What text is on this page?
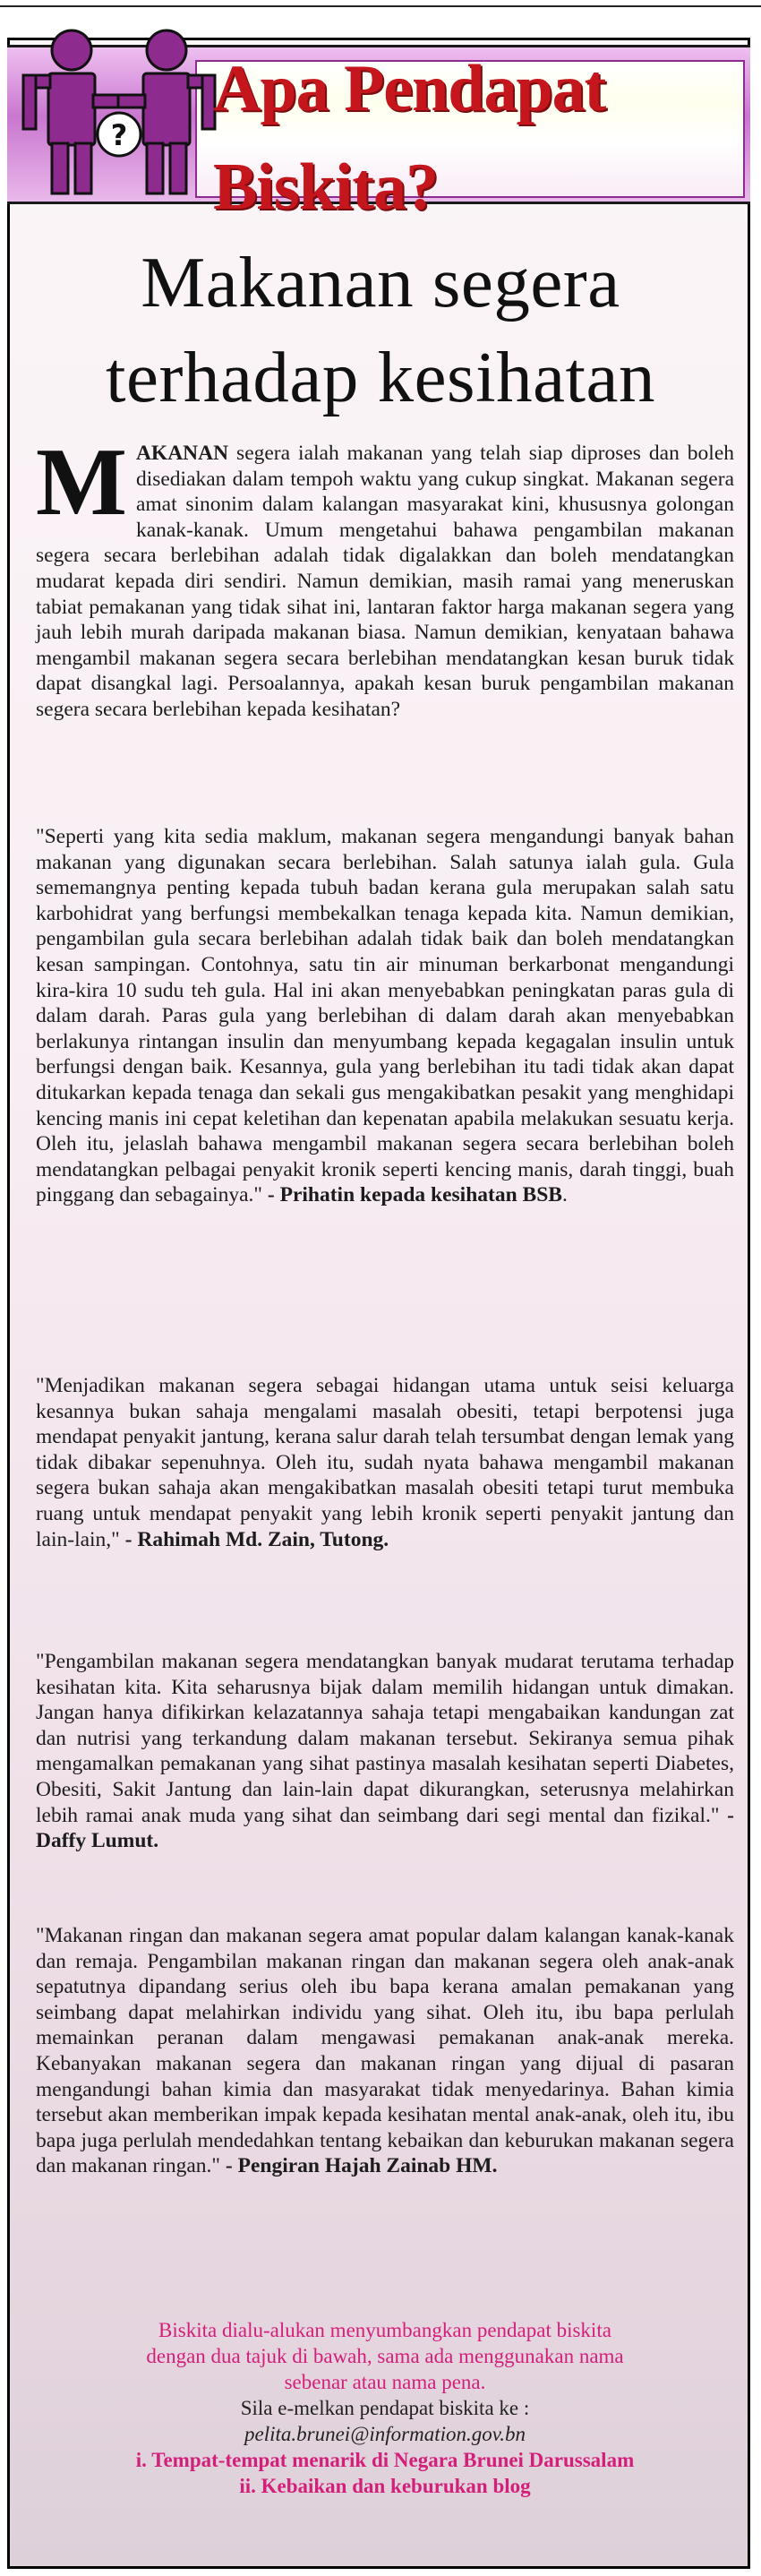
?
Apa Pendapat Biskita?
Makanan segera
terhadap kesihatan
MAKANAN segera ialah makanan yang telah siap diproses dan boleh disediakan dalam tempoh waktu yang cukup singkat. Makanan segera amat sinonim dalam kalangan masyarakat kini, khususnya golongan kanak-kanak. Umum mengetahui bahawa pengambilan makanan segera secara berlebihan adalah tidak digalakkan dan boleh mendatangkan mudarat kepada diri sendiri. Namun demikian, masih ramai yang meneruskan tabiat pemakanan yang tidak sihat ini, lantaran faktor harga makanan segera yang jauh lebih murah daripada makanan biasa. Namun demikian, kenyataan bahawa mengambil makanan segera secara berlebihan mendatangkan kesan buruk tidak dapat disangkal lagi. Persoalannya, apakah kesan buruk pengambilan makanan segera secara berlebihan kepada kesihatan?
"Seperti yang kita sedia maklum, makanan segera mengandungi banyak bahan makanan yang digunakan secara berlebihan. Salah satunya ialah gula. Gula sememangnya penting kepada tubuh badan kerana gula merupakan salah satu karbohidrat yang berfungsi membekalkan tenaga kepada kita. Namun demikian, pengambilan gula secara berlebihan adalah tidak baik dan boleh mendatangkan kesan sampingan. Contohnya, satu tin air minuman berkarbonat mengandungi kira-kira 10 sudu teh gula. Hal ini akan menyebabkan peningkatan paras gula di dalam darah. Paras gula yang berlebihan di dalam darah akan menyebabkan berlakunya rintangan insulin dan menyumbang kepada kegagalan insulin untuk berfungsi dengan baik. Kesannya, gula yang berlebihan itu tadi tidak akan dapat ditukarkan kepada tenaga dan sekali gus mengakibatkan pesakit yang menghidapi kencing manis ini cepat keletihan dan kepenatan apabila melakukan sesuatu kerja. Oleh itu, jelaslah bahawa mengambil makanan segera secara berlebihan boleh mendatangkan pelbagai penyakit kronik seperti kencing manis, darah tinggi, buah pinggang dan sebagainya." - Prihatin kepada kesihatan BSB.
"Menjadikan makanan segera sebagai hidangan utama untuk seisi keluarga kesannya bukan sahaja mengalami masalah obesiti, tetapi berpotensi juga mendapat penyakit jantung, kerana salur darah telah tersumbat dengan lemak yang tidak dibakar sepenuhnya. Oleh itu, sudah nyata bahawa mengambil makanan segera bukan sahaja akan mengakibatkan masalah obesiti tetapi turut membuka ruang untuk mendapat penyakit yang lebih kronik seperti penyakit jantung dan lain-lain," - Rahimah Md. Zain, Tutong.
"Pengambilan makanan segera mendatangkan banyak mudarat terutama terhadap kesihatan kita. Kita seharusnya bijak dalam memilih hidangan untuk dimakan. Jangan hanya difikirkan kelazatannya sahaja tetapi mengabaikan kandungan zat dan nutrisi yang terkandung dalam makanan tersebut. Sekiranya semua pihak mengamalkan pemakanan yang sihat pastinya masalah kesihatan seperti Diabetes, Obesiti, Sakit Jantung dan lain-lain dapat dikurangkan, seterusnya melahirkan lebih ramai anak muda yang sihat dan seimbang dari segi mental dan fizikal." - Daffy Lumut.
"Makanan ringan dan makanan segera amat popular dalam kalangan kanak-kanak dan remaja. Pengambilan makanan ringan dan makanan segera oleh anak-anak sepatutnya dipandang serius oleh ibu bapa kerana amalan pemakanan yang seimbang dapat melahirkan individu yang sihat. Oleh itu, ibu bapa perlulah memainkan peranan dalam mengawasi pemakanan anak-anak mereka. Kebanyakan makanan segera dan makanan ringan yang dijual di pasaran mengandungi bahan kimia dan masyarakat tidak menyedarinya. Bahan kimia tersebut akan memberikan impak kepada kesihatan mental anak-anak, oleh itu, ibu bapa juga perlulah mendedahkan tentang kebaikan dan keburukan makanan segera dan makanan ringan." - Pengiran Hajah Zainab HM.
Biskita dialu-alukan menyumbangkan pendapat biskita
dengan dua tajuk di bawah, sama ada menggunakan nama
sebenar atau nama pena.
Sila e-melkan pendapat biskita ke :
pelita.brunei@information.gov.bn
i. Tempat-tempat menarik di Negara Brunei Darussalam
ii. Kebaikan dan keburukan blog
